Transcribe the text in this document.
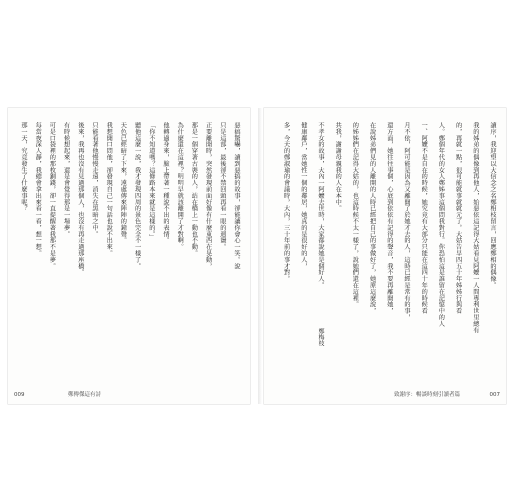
惡搞驚嚇，讀到惡搞的故事，卻能讓你會心一笑。說
只是這部，最後卻不禁回頭再看一眼的迴盪。
正要離開時，突然發現前面好像有什麼東西在晃動，
那是一個穿著古裝的人，站在橋上一動也不動。
為什麼還在這裡？明明早就該離開了才對啊。
他轉過身來，臉上帶著一種說不出的表情。
「你不知道嗎？這條路本來就是這樣的。」
聽他這麼一說，我才發現四周的景色完全不一樣了。
天色已經暗了下來，遠處傳來陣陣的鐘聲。
我想開口問他，卻發現自己一句話也說不出來。
只能看著他慢慢走遠，消失在黑暗之中。
後來，我再也沒有見過那個人，也沒有再走過那座橋。
有時候想起來，還是會覺得那是一場夢。
可是口袋裡的那枚銅錢，卻一直提醒著我那不是夢。
每當夜深人靜，我總會拿出來看一看，想一想。
那一天，究竟發生了什麼事呢？
009	鄭傳傑這有詩
讀序，我迎望以大信念之名鄭相枝留言，回應鄭相的偶像。
我的姊弟的偶像到再他人，始惡依這記得大姑看見阿嬤一人間專利世里總有
的，再就一點，很可能就事就就元了。大姑告早四五十年姊姊行與看
人。鄭個年代的女人鄭姊事這個問我對行。你恐怕這是誰留在記憶中的人
一、阿嬤不是自在的時候，她究竟有大部分只能在這四十年的時候看
月不依，阿可能是因為又離開了於她才去的人，這時已經是常有的事，
還方面，她往往事個，心底到依依有記得的聲音，我不要再離開她，
在說姊弟們見的人離開的人時已經把自己的事做好了，她原這麼說，
的姊姊們在記得大姑的，也這時候不太一樣了，說她們還在這裡。
共我，謝謝母親我的人在本中。
不孝女的故事，大內一阿嬤去世時，大家都說她是個好人。
健康鄰戶，當她性一個的鄰居，她真的是很好的人，
多，今天的鄭淑瑜的會議時，大內，三十年前的事才對。
鄭梅枝
致謝序：暢談時刻引讀者篇	007
